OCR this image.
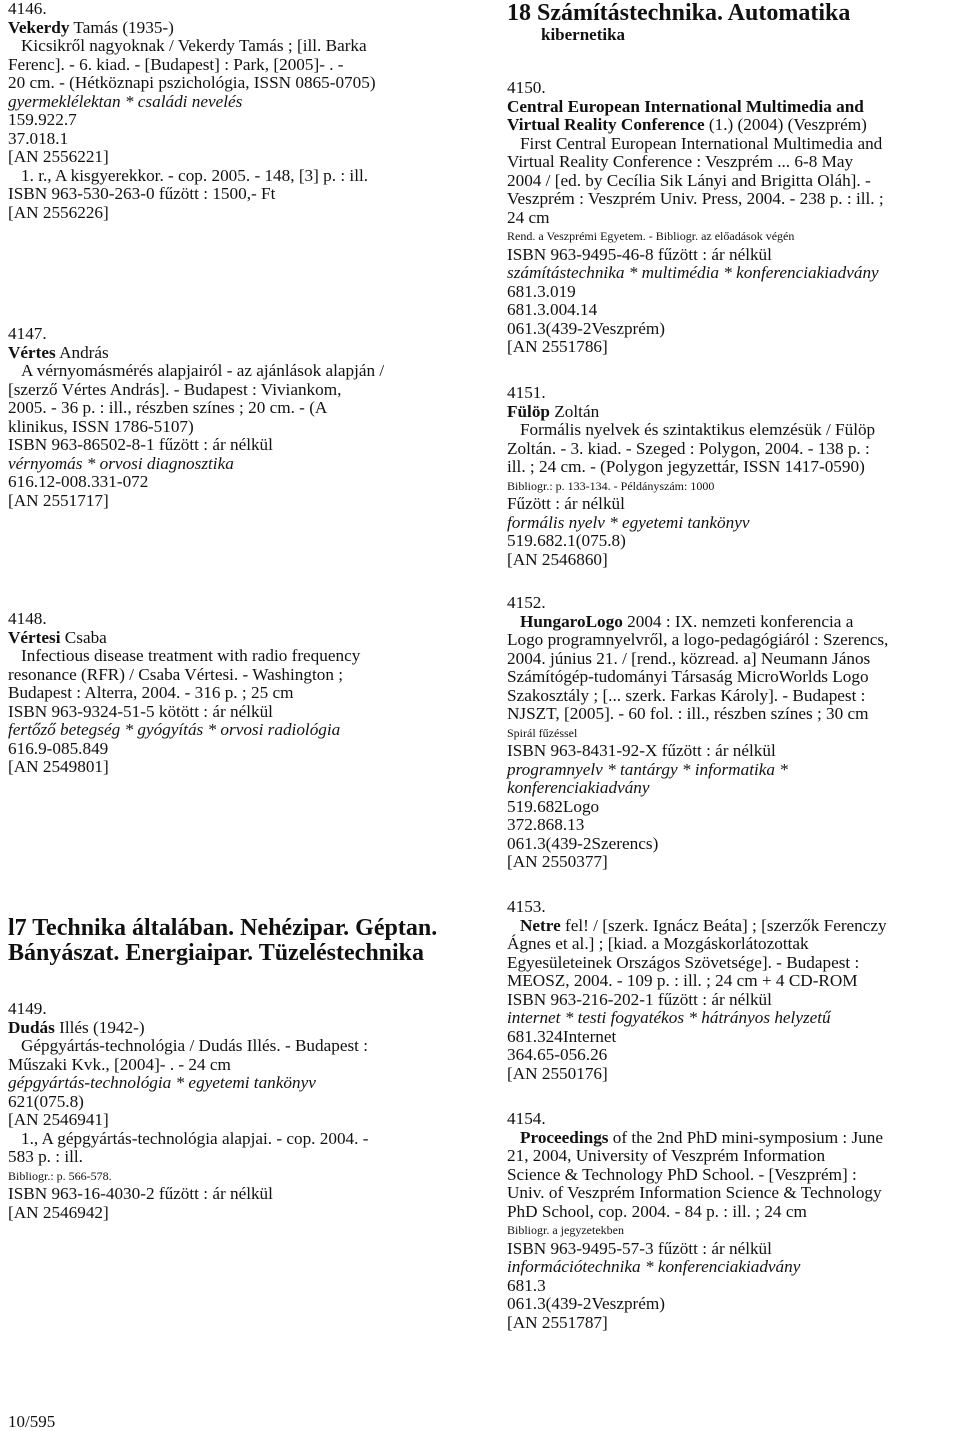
4146.
Vekerdy Tamás (1935-)
Kicsikről nagyoknak / Vekerdy Tamás ; [ill. Barka
Ferenc]. - 6. kiad. - [Budapest] : Park, [2005]- . -
20 cm. - (Hétköznapi pszichológia, ISSN 0865-0705)
gyermeklélektan * családi nevelés
159.922.7
37.018.1
[AN 2556221]
1. r., A kisgyerekkor. - cop. 2005. - 148, [3] p. : ill.
ISBN 963-530-263-0 fűzött : 1500,- Ft
[AN 2556226]
4147.
Vértes András
A vérnyomásmérés alapjairól - az ajánlások alapján /
[szerző Vértes András]. - Budapest : Viviankom,
2005. - 36 p. : ill., részben színes ; 20 cm. - (A
klinikus, ISSN 1786-5107)
ISBN 963-86502-8-1 fűzött : ár nélkül
vérnyomás * orvosi diagnosztika
616.12-008.331-072
[AN 2551717]
4148.
Vértesi Csaba
Infectious disease treatment with radio frequency
resonance (RFR) / Csaba Vértesi. - Washington ;
Budapest : Alterra, 2004. - 316 p. ; 25 cm
ISBN 963-9324-51-5 kötött : ár nélkül
fertőző betegség * gyógyítás * orvosi radiológia
616.9-085.849
[AN 2549801]
l7 Technika általában. Nehézipar. Géptan.
Bányászat. Energiaipar. Tüzeléstechnika
4149.
Dudás Illés (1942-)
Gépgyártás-technológia / Dudás Illés. - Budapest :
Műszaki Kvk., [2004]- . - 24 cm
gépgyártás-technológia * egyetemi tankönyv
621(075.8)
[AN 2546941]
1., A gépgyártás-technológia alapjai. - cop. 2004. -
583 p. : ill.
Bibliogr.: p. 566-578.
ISBN 963-16-4030-2 fűzött : ár nélkül
[AN 2546942]
18 Számítástechnika. Automatika
kibernetika
4150.
Central European International Multimedia and
Virtual Reality Conference (1.) (2004) (Veszprém)
First Central European International Multimedia and
Virtual Reality Conference : Veszprém ... 6-8 May
2004 / [ed. by Cecília Sik Lányi and Brigitta Oláh]. -
Veszprém : Veszprém Univ. Press, 2004. - 238 p. : ill. ;
24 cm
Rend. a Veszprémi Egyetem. - Bibliogr. az előadások végén
ISBN 963-9495-46-8 fűzött : ár nélkül
számítástechnika * multimédia * konferenciakiadvány
681.3.019
681.3.004.14
061.3(439-2Veszprém)
[AN 2551786]
4151.
Fülöp Zoltán
Formális nyelvek és szintaktikus elemzésük / Fülöp
Zoltán. - 3. kiad. - Szeged : Polygon, 2004. - 138 p. :
ill. ; 24 cm. - (Polygon jegyzettár, ISSN 1417-0590)
Bibliogr.: p. 133-134. - Példányszám: 1000
Fűzött : ár nélkül
formális nyelv * egyetemi tankönyv
519.682.1(075.8)
[AN 2546860]
4152.
HungaroLogo 2004 : IX. nemzeti konferencia a
Logo programnyelvről, a logo-pedagógiáról : Szerencs,
2004. június 21. / [rend., közread. a] Neumann János
Számítógép-tudományi Társaság MicroWorlds Logo
Szakosztály ; [... szerk. Farkas Károly]. - Budapest :
NJSZT, [2005]. - 60 fol. : ill., részben színes ; 30 cm
Spirál fűzéssel
ISBN 963-8431-92-X fűzött : ár nélkül
programnyelv * tantárgy * informatika *
konferenciakiadvány
519.682Logo
372.868.13
061.3(439-2Szerencs)
[AN 2550377]
4153.
Netre fel! / [szerk. Ignácz Beáta] ; [szerzők Ferenczy
Ágnes et al.] ; [kiad. a Mozgáskorlátozottak
Egyesületeinek Országos Szövetsége]. - Budapest :
MEOSZ, 2004. - 109 p. : ill. ; 24 cm + 4 CD-ROM
ISBN 963-216-202-1 fűzött : ár nélkül
internet * testi fogyatékos * hátrányos helyzetű
681.324Internet
364.65-056.26
[AN 2550176]
4154.
Proceedings of the 2nd PhD mini-symposium : June
21, 2004, University of Veszprém Information
Science & Technology PhD School. - [Veszprém] :
Univ. of Veszprém Information Science & Technology
PhD School, cop. 2004. - 84 p. : ill. ; 24 cm
Bibliogr. a jegyzetekben
ISBN 963-9495-57-3 fűzött : ár nélkül
információtechnika * konferenciakiadvány
681.3
061.3(439-2Veszprém)
[AN 2551787]
10/595
